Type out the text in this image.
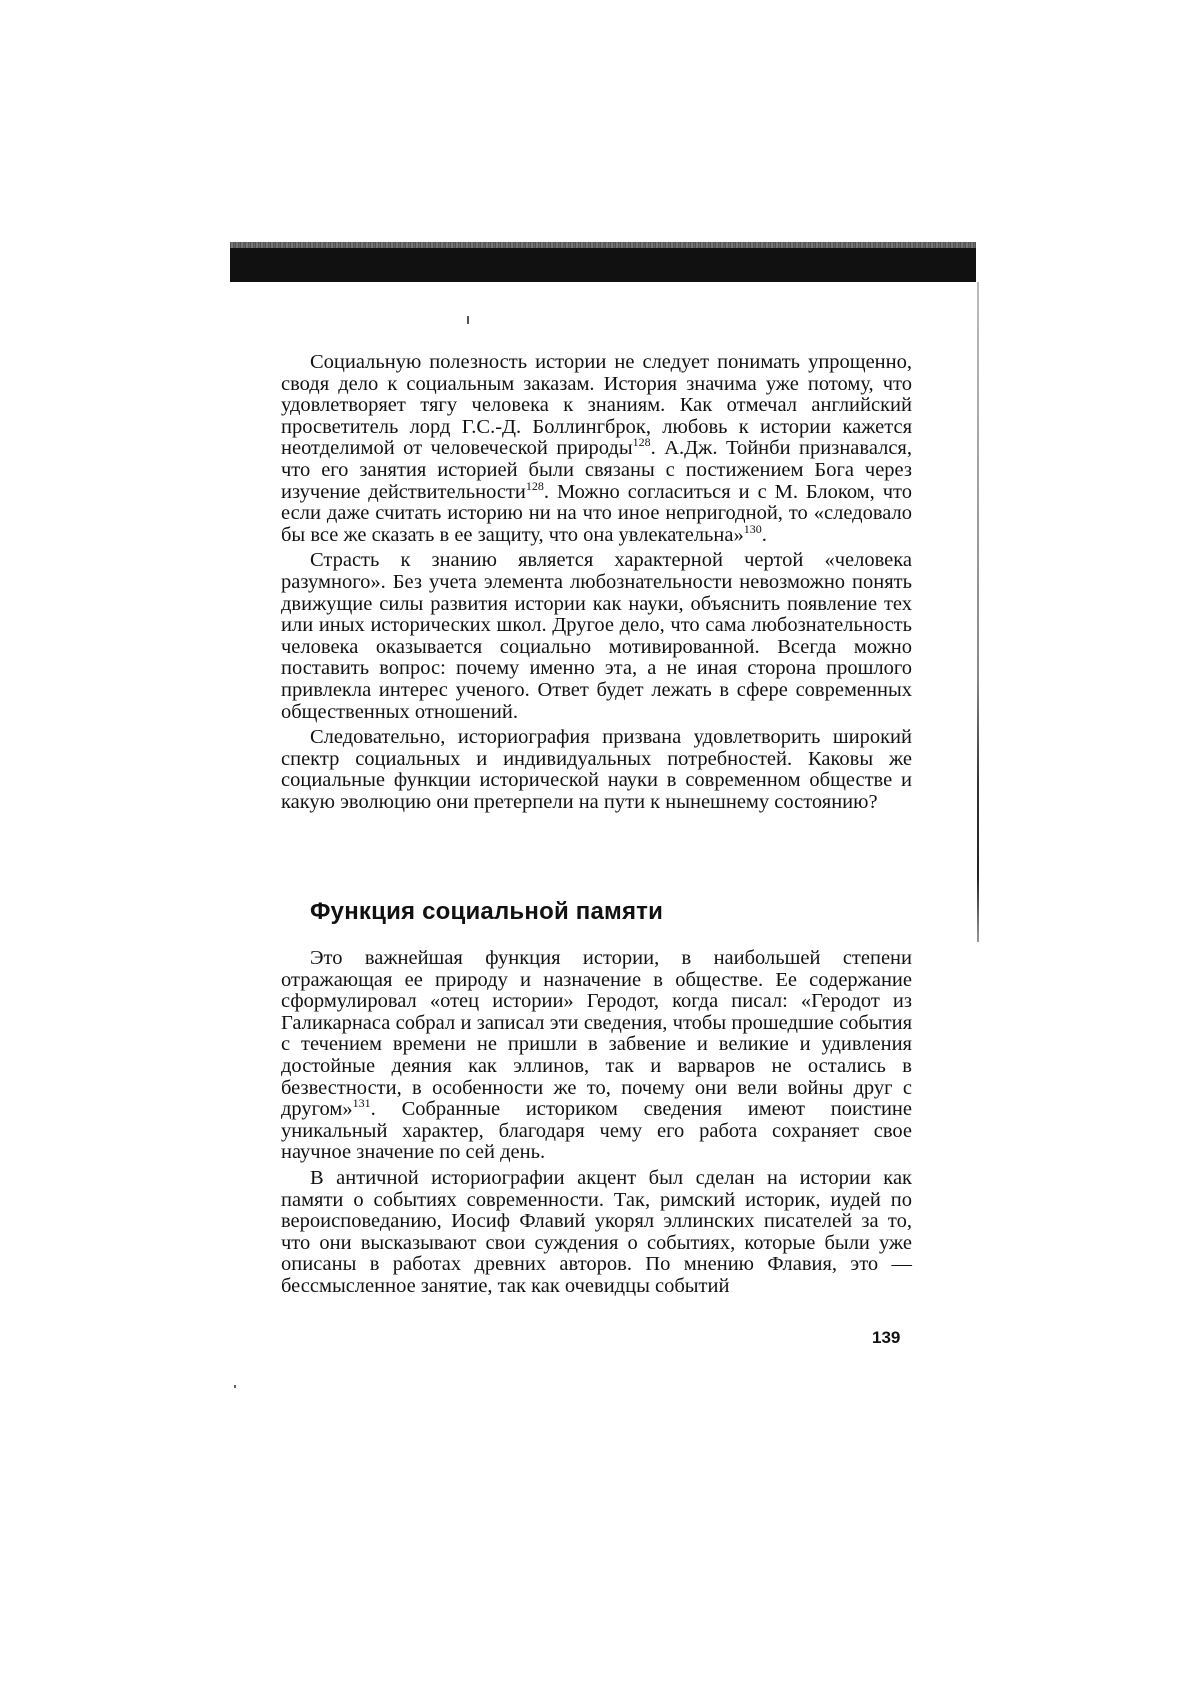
Социальную полезность истории не следует понимать упрощенно, сводя дело к социальным заказам. История значима уже потому, что удовлетворяет тягу человека к знаниям. Как отмечал английский просветитель лорд Г.С.-Д. Боллингброк, любовь к истории кажется неотделимой от человеческой природы$^{128}$. А.Дж. Тойнби признавался, что его занятия историей были связаны с постижением Бога через изучение действительности$^{128}$. Можно согласиться и с М. Блоком, что если даже считать историю ни на что иное непригодной, то «следовало бы все же сказать в ее защиту, что она увлекательна»$^{130}$.

Страсть к знанию является характерной чертой «человека разумного». Без учета элемента любознательности невозможно понять движущие силы развития истории как науки, объяснить появление тех или иных исторических школ. Другое дело, что сама любознательность человека оказывается социально мотивированной. Всегда можно поставить вопрос: почему именно эта, а не иная сторона прошлого привлекла интерес ученого. Ответ будет лежать в сфере современных общественных отношений.

Следовательно, историография призвана удовлетворить широкий спектр социальных и индивидуальных потребностей. Каковы же социальные функции исторической науки в современном обществе и какую эволюцию они претерпели на пути к нынешнему состоянию?

Функция социальной памяти

Это важнейшая функция истории, в наибольшей степени отражающая ее природу и назначение в обществе. Ее содержание сформулировал «отец истории» Геродот, когда писал: «Геродот из Галикарнаса собрал и записал эти сведения, чтобы прошедшие события с течением времени не пришли в забвение и великие и удивления достойные деяния как эллинов, так и варваров не остались в безвестности, в особенности же то, почему они вели войны друг с другом»$^{131}$. Собранные историком сведения имеют поистине уникальный характер, благодаря чему его работа сохраняет свое научное значение по сей день.

В античной историографии акцент был сделан на истории как памяти о событиях современности. Так, римский историк, иудей по вероисповеданию, Иосиф Флавий укорял эллинских писателей за то, что они высказывают свои суждения о событиях, которые были уже описаны в работах древних авторов. По мнению Флавия, это — бессмысленное занятие, так как очевидцы событий

139
